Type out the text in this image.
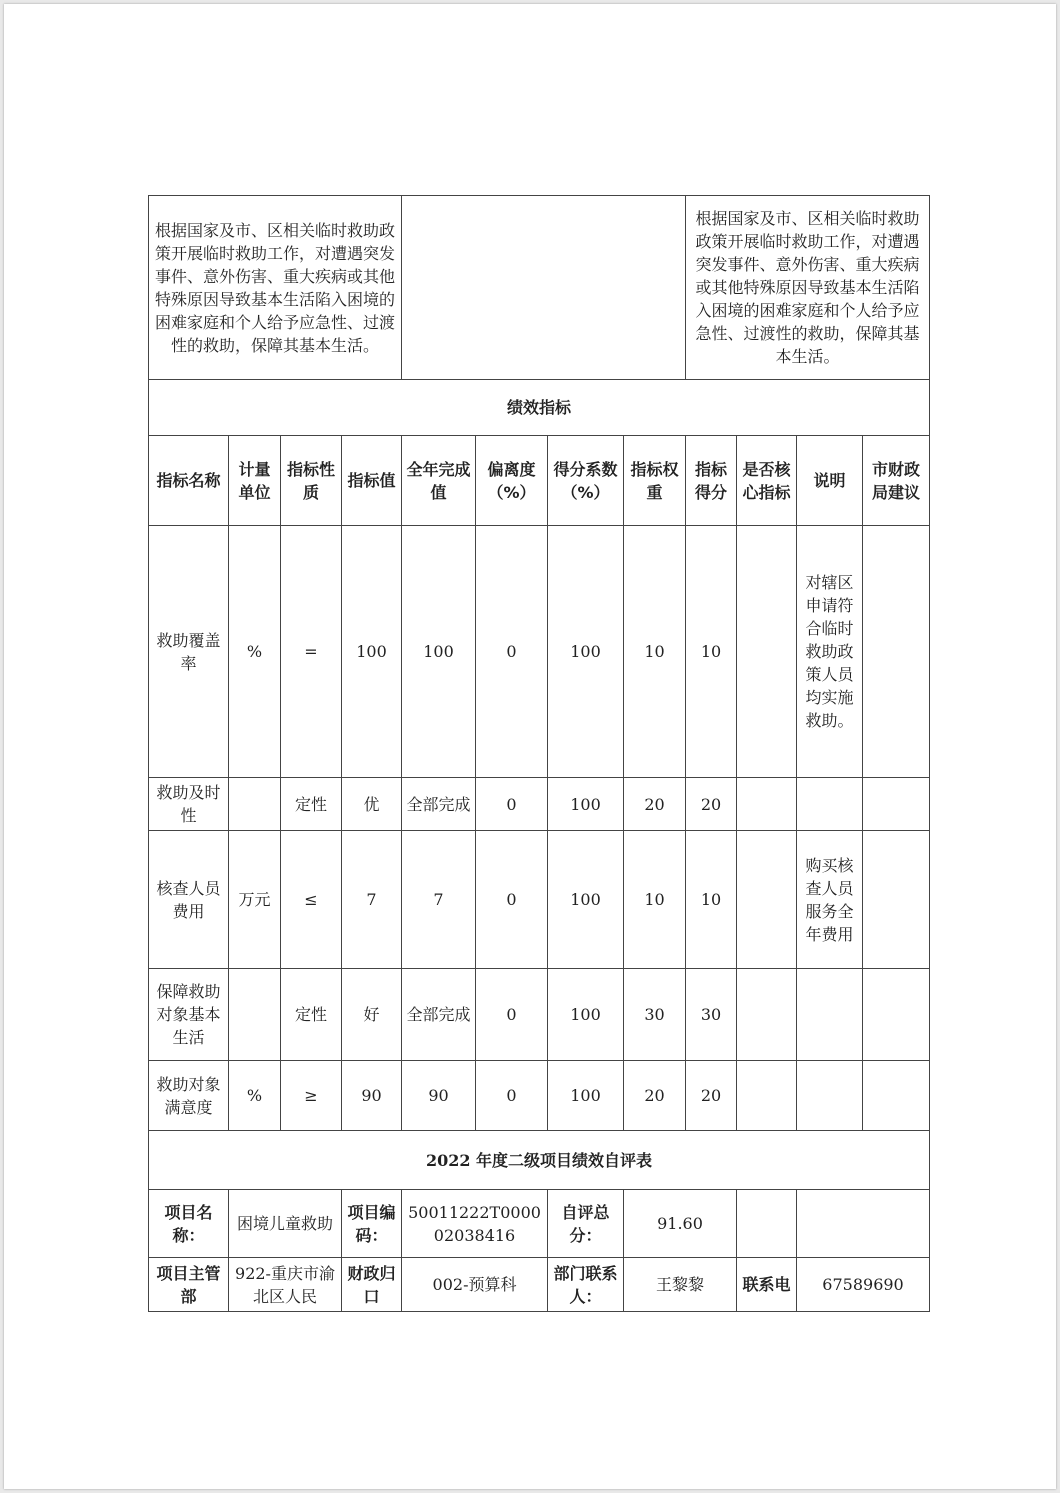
根据国家及市、区相关临时救助政策开展临时救助工作，对遭遇突发事件、意外伤害、重大疾病或其他特殊原因导致基本生活陷入困境的困难家庭和个人给予应急性、过渡性的救助，保障其基本生活。								根据国家及市、区相关临时救助政策开展临时救助工作，对遭遇突发事件、意外伤害、重大疾病或其他特殊原因导致基本生活陷入困境的困难家庭和个人给予应急性、过渡性的救助，保障其基本生活。			
绩效指标											
指标名称	计量单位	指标性质	指标值	全年完成值	偏离度（%）	得分系数（%）	指标权重	指标得分	是否核心指标	说明	市财政局建议
救助覆盖率	%	=	100	100	0	100	10	10		对辖区申请符合临时救助政策人员均实施救助。	
救助及时性		定性	优	全部完成	0	100	20	20			
核查人员费用	万元	≤	7	7	0	100	10	10		购买核查人员服务全年费用	
保障救助对象基本生活		定性	好	全部完成	0	100	30	30			
救助对象满意度	%	≥	90	90	0	100	20	20			
2022 年度二级项目绩效自评表											
项目名称：	困境儿童救助		项目编码：	50011222T000002038416		自评总分：	91.60				
项目主管部	922-重庆市渝北区人民		财政归口	002-预算科		部门联系人：	王黎黎		联系电	67589690	
